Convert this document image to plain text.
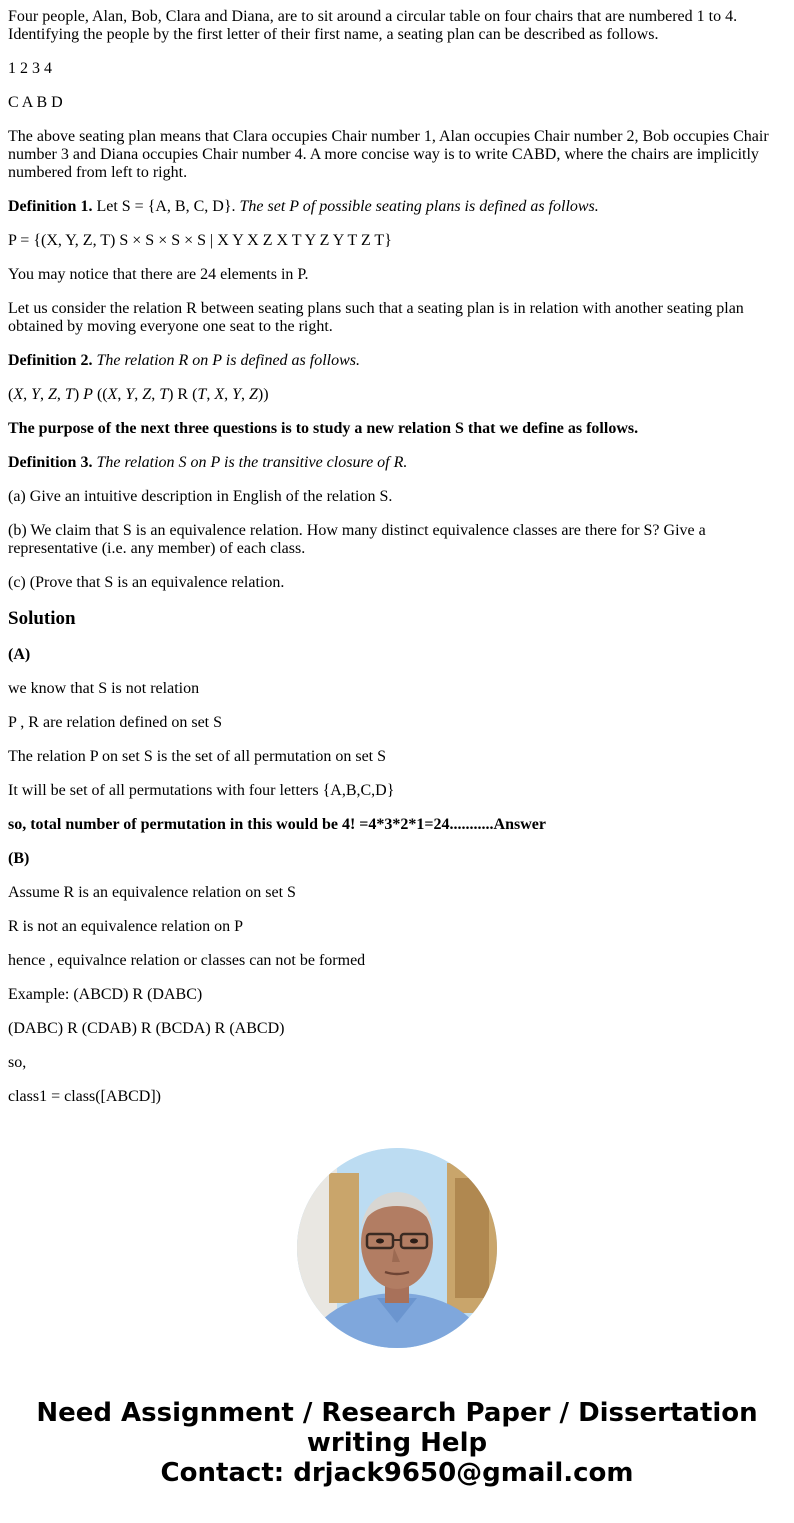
Four people, Alan, Bob, Clara and Diana, are to sit around a circular table on four chairs that are numbered 1 to 4. Identifying the people by the first letter of their first name, a seating plan can be described as follows.

1 2 3 4

C A B D

The above seating plan means that Clara occupies Chair number 1, Alan occupies Chair number 2, Bob occupies Chair number 3 and Diana occupies Chair number 4. A more concise way is to write CABD, where the chairs are implicitly numbered from left to right.

Definition 1. Let S = {A, B, C, D}. The set P of possible seating plans is defined as follows.

P = {(X, Y, Z, T) S × S × S × S | X Y X Z X T Y Z Y T Z T}

You may notice that there are 24 elements in P.

Let us consider the relation R between seating plans such that a seating plan is in relation with another seating plan obtained by moving everyone one seat to the right.

Definition 2. The relation R on P is defined as follows.

(X, Y, Z, T) P ((X, Y, Z, T) R (T, X, Y, Z))

The purpose of the next three questions is to study a new relation S that we define as follows.

Definition 3. The relation S on P is the transitive closure of R.

(a) Give an intuitive description in English of the relation S.

(b) We claim that S is an equivalence relation. How many distinct equivalence classes are there for S? Give a representative (i.e. any member) of each class.

(c) (Prove that S is an equivalence relation.

Solution

(A)

we know that S is not relation

P , R are relation defined on set S

The relation P on set S is the set of all permutation on set S

It will be set of all permutations with four letters {A,B,C,D}

so, total number of permutation in this would be 4! =4*3*2*1=24...........Answer

(B)

Assume R is an equivalence relation on set S

R is not an equivalence relation on P

hence , equivalnce relation or classes can not be formed

Example: (ABCD) R (DABC)

(DABC) R (CDAB) R (BCDA) R (ABCD)

so,

class1 = class([ABCD])

Need Assignment / Research Paper / Dissertation
writing Help
Contact: drjack9650@gmail.com
